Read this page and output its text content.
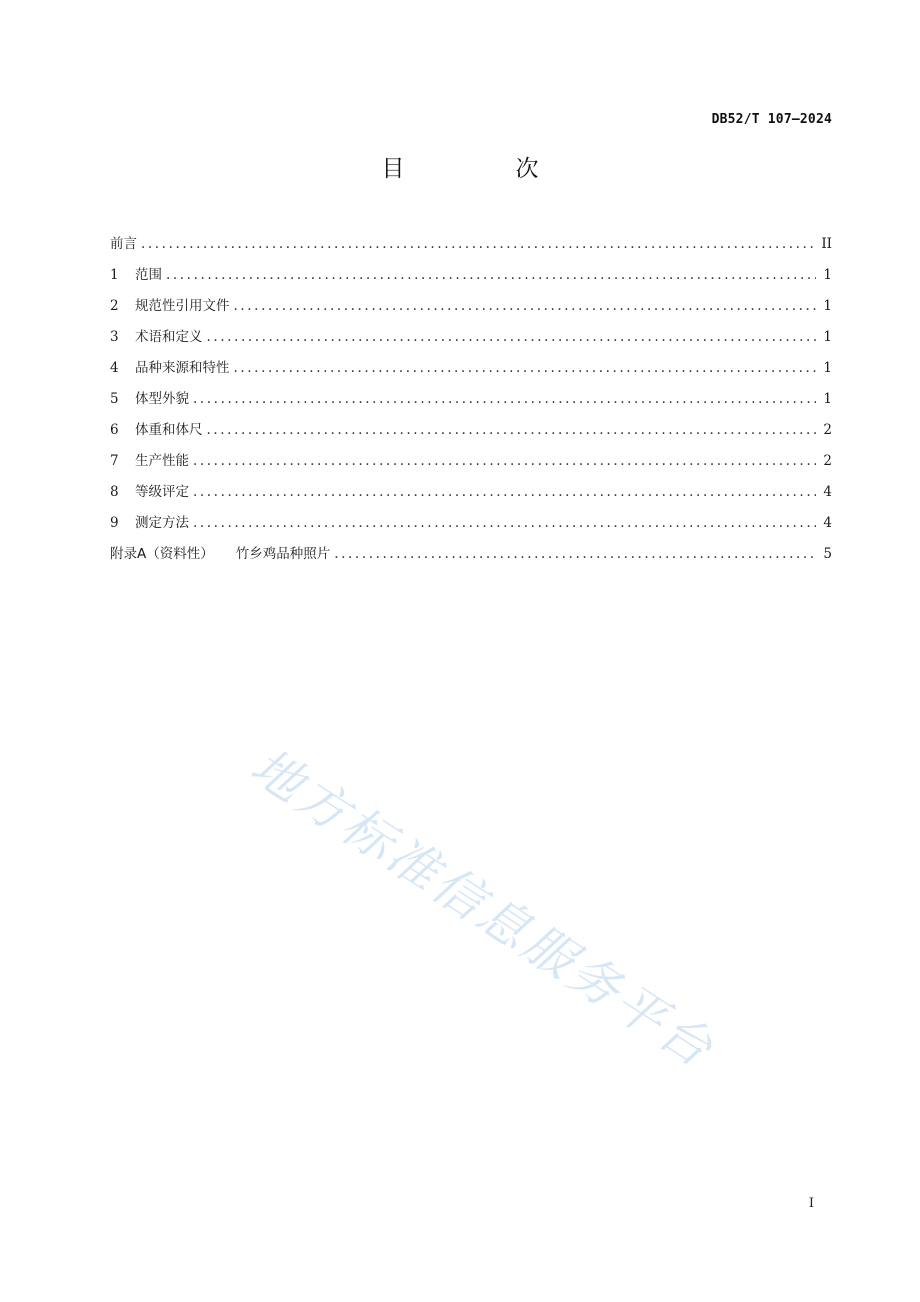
DB52/T 107—2024
目　次
前言 .....	II
1	范围 .....	1
2	规范性引用文件 .....	1
3	术语和定义 .....	1
4	品种来源和特性 .....	1
5	体型外貌 .....	1
6	体重和体尺 .....	2
7	生产性能 .....	2
8	等级评定 .....	4
9	测定方法 .....	4
附录A（资料性） 竹乡鸡品种照片 .....	5
地方标准信息服务平台
I
